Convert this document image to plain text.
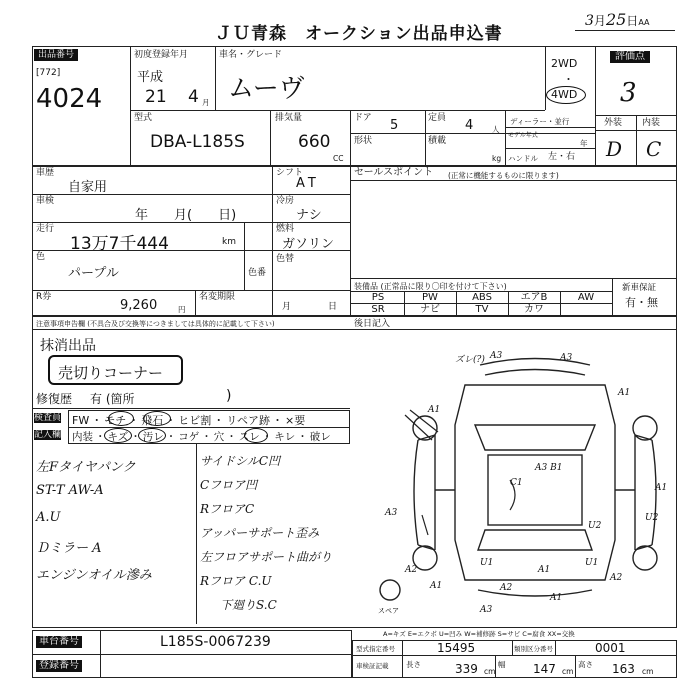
ＪＵ青森　オークション出品申込書
3月25日AA
出品番号
[772]
4024
初度登録年月
平成
21 4 月
車名・グレード
ムーヴ
2WD
・
4WD
評価点
3
外装 内装
D C
型式
DBA-L185S
排気量
660
CC
ドア 5	定員 4 人
形状	積載
kg
ディーラー・並行
モデル年式
年
ハンドル 左・右
車歴
自家用
シフト
AT
セールスポイント (正常に機能するものに限ります)
車検
年　　月(　　日)
冷房
ナシ
走行
13万7千444	km
燃料
ガソリン
色
パープル	色番
色替
装備品 (正常品に限り〇印を付けて下さい)	新車保証
有・無
PS	PW	ABS	エアB	AW
SR	ナビ	TV	カワ
R券
9,260	円
名変期限
月	日
注意事項申告欄 (不具合及び交換等につきましては具体的に記載して下さい)	後日記入
抹消出品
売切りコーナー
修復歴 有 (箇所	)
検査員
記入欄
FW ・ モチ ・ 飛石 ・ ヒビ割 ・ リペア跡 ・ ×要
内装 ・ キズ ・ 汚レ ・ コゲ ・ 穴 ・ スレ ・ キレ ・ 破レ
左Fタイヤパンク
ST-T AW-A
A.U
Ｄミラー A
エンジンオイル滲み
サイドシルC凹
Cフロア凹
RフロアC
アッパーサポート歪み
左フロアサポート曲がり
Rフロア C.U
下廻りS.C
ズレ(?) A3	A3
A1
A1
C1
A3 B1
A3
A1
U2
A2
U1
A1
U1
A2
A1	A2
A1
A3
U2
スペア
A=キズ E=エクボ U=凹み W=補修跡 S=サビ C=腐食 XX=交換
車台番号	L185S-0067239
登録番号
型式指定番号	15495	類別区分番号	0001
車検証記載 長さ	339 cm
幅 147 cm
高さ 163 cm
